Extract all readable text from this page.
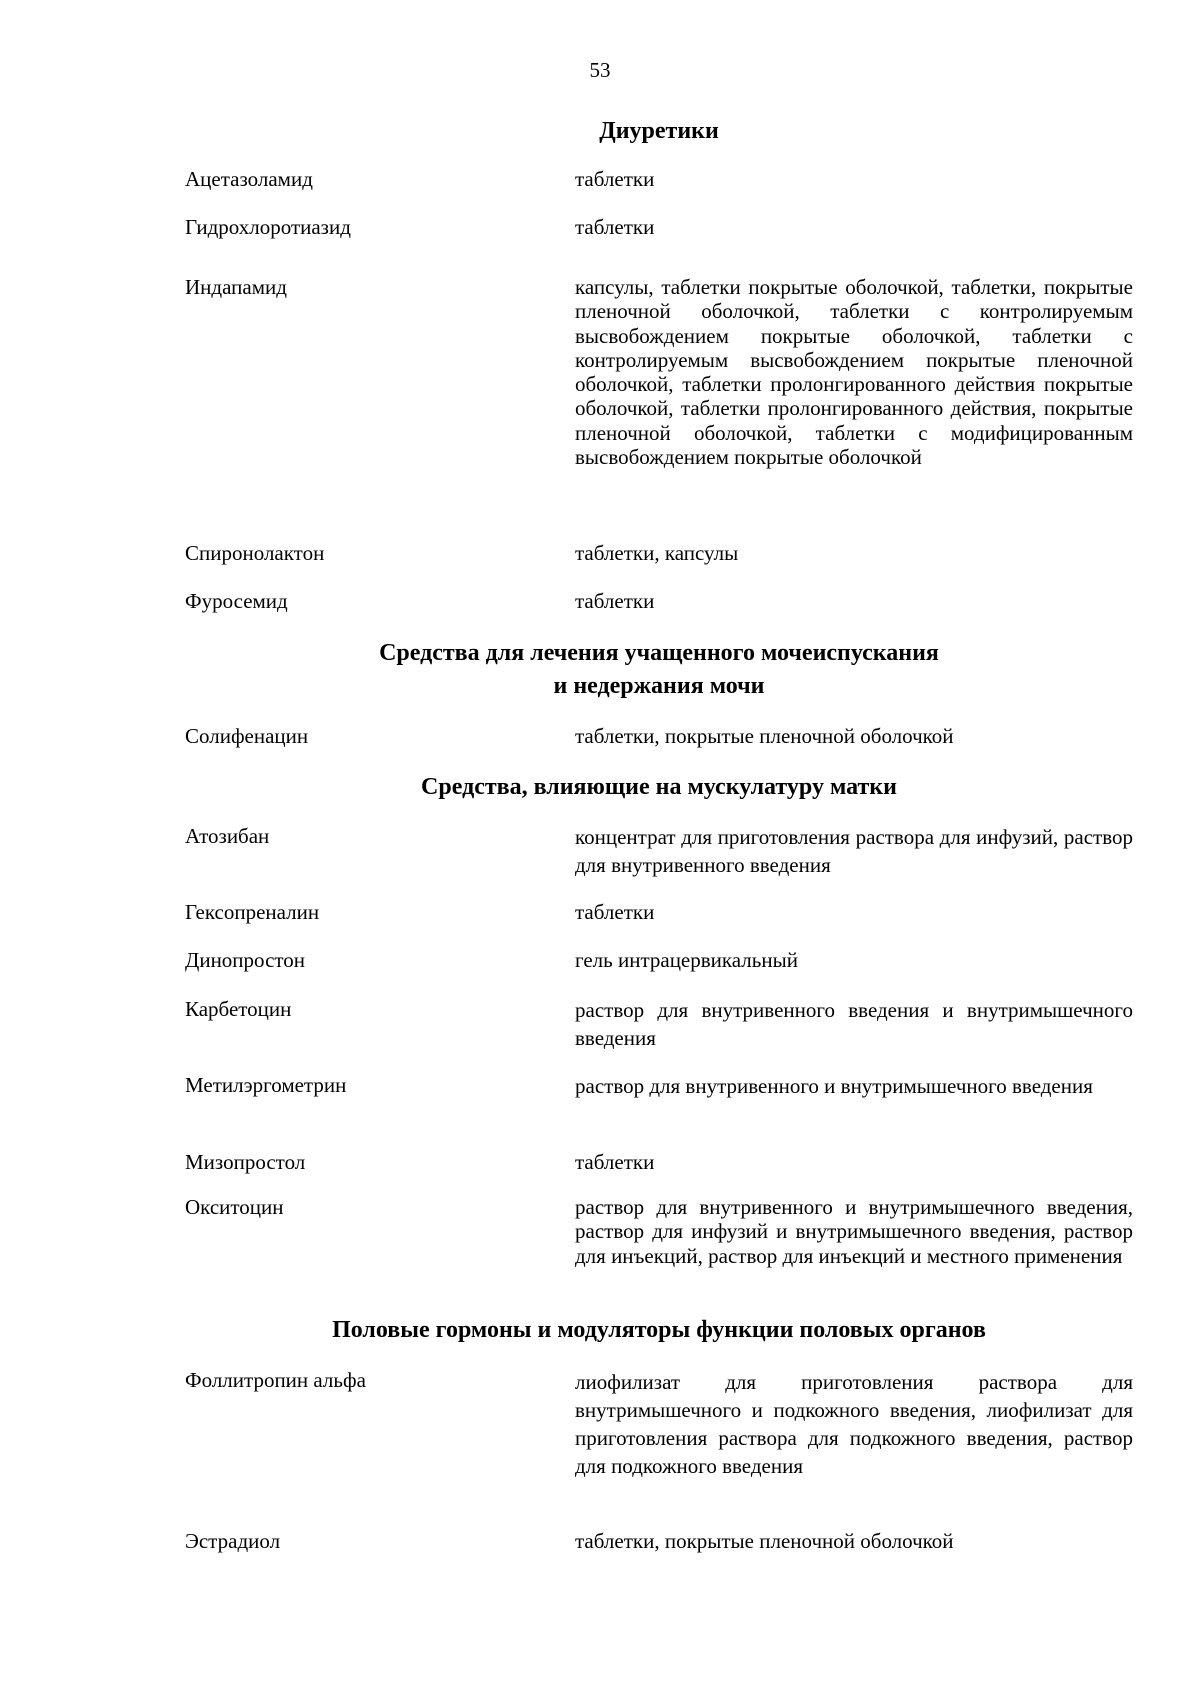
53
Диуретики
Ацетазоламид	таблетки
Гидрохлоротиазид	таблетки
Индапамид	капсулы, таблетки покрытые оболочкой, таблетки, покрытые пленочной оболочкой, таблетки с контролируемым высвобождением покрытые оболочкой, таблетки с контролируемым высвобождением покрытые пленочной оболочкой, таблетки пролонгированного действия покрытые оболочкой, таблетки пролонгированного действия, покрытые пленочной оболочкой, таблетки с модифицированным высвобождением покрытые оболочкой
Спиронолактон	таблетки, капсулы
Фуросемид	таблетки
Средства для лечения учащенного мочеиспускания
и недержания мочи
Солифенацин	таблетки, покрытые пленочной оболочкой
Средства, влияющие на мускулатуру матки
Атозибан	концентрат для приготовления раствора для инфузий, раствор для внутривенного введения
Гексопреналин	таблетки
Динопростон	гель интрацервикальный
Карбетоцин	раствор для внутривенного введения и внутримышечного введения
Метилэргометрин	раствор для внутривенного и внутримышечного введения
Мизопростол	таблетки
Окситоцин	раствор для внутривенного и внутримышечного введения, раствор для инфузий и внутримышечного введения, раствор для инъекций, раствор для инъекций и местного применения
Половые гормоны и модуляторы функции половых органов
Фоллитропин альфа	лиофилизат для приготовления раствора для внутримышечного и подкожного введения, лиофилизат для приготовления раствора для подкожного введения, раствор для подкожного введения
Эстрадиол	таблетки, покрытые пленочной оболочкой
